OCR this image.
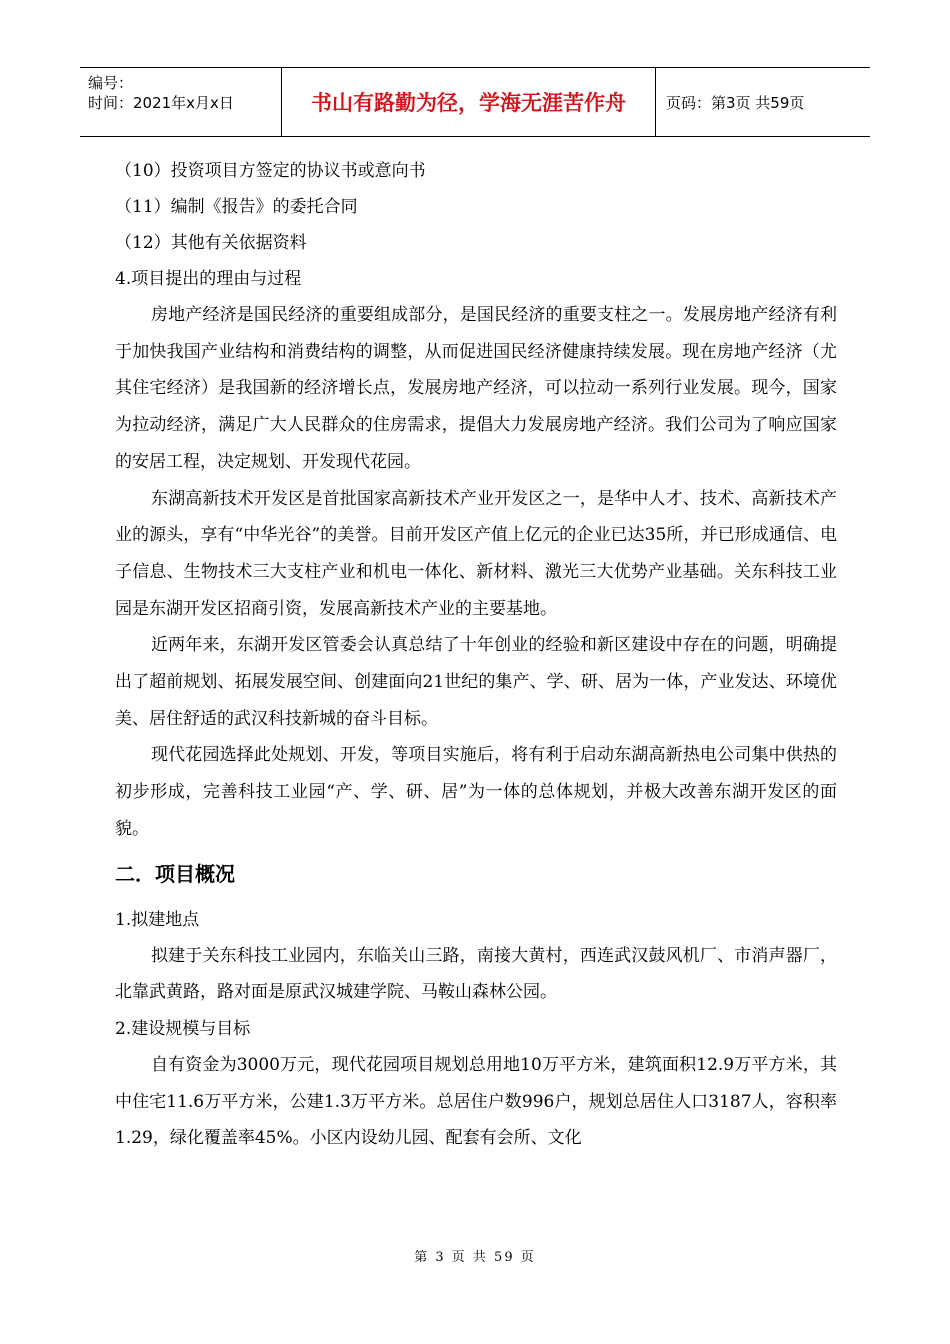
编号：
时间：2021年x月x日	书山有路勤为径，学海无涯苦作舟	页码：第3页 共59页
（10）投资项目方签定的协议书或意向书
（11）编制《报告》的委托合同
（12）其他有关依据资料
4.项目提出的理由与过程
房地产经济是国民经济的重要组成部分，是国民经济的重要支柱之一。发展房地产经济有利于加快我国产业结构和消费结构的调整，从而促进国民经济健康持续发展。现在房地产经济（尤其住宅经济）是我国新的经济增长点，发展房地产经济，可以拉动一系列行业发展。现今，国家为拉动经济，满足广大人民群众的住房需求，提倡大力发展房地产经济。我们公司为了响应国家的安居工程，决定规划、开发现代花园。
东湖高新技术开发区是首批国家高新技术产业开发区之一，是华中人才、技术、高新技术产业的源头，享有“中华光谷”的美誉。目前开发区产值上亿元的企业已达35所，并已形成通信、电子信息、生物技术三大支柱产业和机电一体化、新材料、激光三大优势产业基础。关东科技工业园是东湖开发区招商引资，发展高新技术产业的主要基地。
近两年来，东湖开发区管委会认真总结了十年创业的经验和新区建设中存在的问题，明确提出了超前规划、拓展发展空间、创建面向21世纪的集产、学、研、居为一体，产业发达、环境优美、居住舒适的武汉科技新城的奋斗目标。
现代花园选择此处规划、开发，等项目实施后，将有利于启动东湖高新热电公司集中供热的初步形成，完善科技工业园“产、学、研、居”为一体的总体规划，并极大改善东湖开发区的面貌。
二．项目概况
1.拟建地点
拟建于关东科技工业园内，东临关山三路，南接大黄村，西连武汉鼓风机厂、市消声器厂，北靠武黄路，路对面是原武汉城建学院、马鞍山森林公园。
2.建设规模与目标
自有资金为3000万元，现代花园项目规划总用地10万平方米，建筑面积12.9万平方米，其中住宅11.6万平方米，公建1.3万平方米。总居住户数996户，规划总居住人口3187人，容积率1.29，绿化覆盖率45%。小区内设幼儿园、配套有会所、文化
第 3 页 共 59 页
